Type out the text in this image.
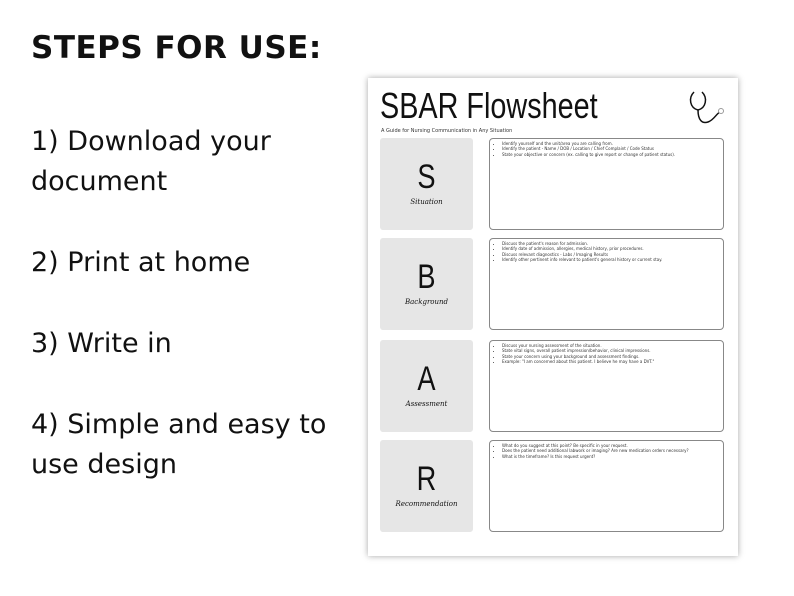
STEPS FOR USE:
1) Download your document
2) Print at home
3) Write in
4) Simple and easy to use design
SBAR Flowsheet
A Guide for Nursing Communication in Any Situation
S
Situation
• Identify yourself and the unit/area you are calling from.
• Identify the patient - Name / DOB / Location / Chief Complaint / Code Status
• State your objective or concern (ex. calling to give report or change of patient status).
B
Background
• Discuss the patient's reason for admission.
• Identify date of admission, allergies, medical history, prior procedures.
• Discuss relevant diagnostics - Labs / Imaging Results
• Identify other pertinent info relevant to patient's general history or current stay.
A
Assessment
• Discuss your nursing assessment of the situation.
• State vital signs, overall patient impression/behavior, clinical impressions.
• State your concern using your background and assessment findings.
• Example: "I am concerned about this patient. I believe he may have a DVT."
R
Recommendation
• What do you suggest at this point? Be specific in your request.
• Does the patient need additional labwork or imaging? Are new medication orders necessary?
• What is the timeframe? Is this request urgent?
